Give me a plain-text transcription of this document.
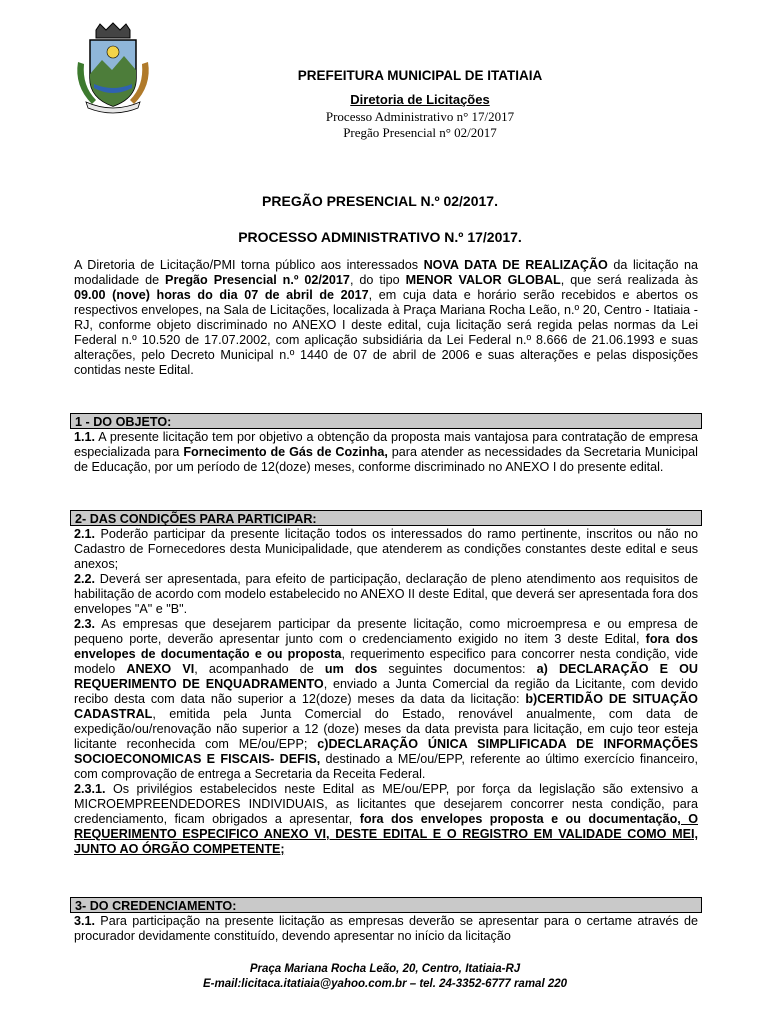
PREFEITURA MUNICIPAL DE ITATIAIA
Diretoria de Licitações
Processo Administrativo n° 17/2017
Pregão Presencial n° 02/2017
PREGÃO PRESENCIAL N.º 02/2017.
PROCESSO ADMINISTRATIVO N.º 17/2017.
A Diretoria de Licitação/PMI torna público aos interessados NOVA DATA DE REALIZAÇÃO da licitação na modalidade de Pregão Presencial n.º 02/2017, do tipo MENOR VALOR GLOBAL, que será realizada às 09.00 (nove) horas do dia 07 de abril de 2017, em cuja data e horário serão recebidos e abertos os respectivos envelopes, na Sala de Licitações, localizada à Praça Mariana Rocha Leão, n.º 20, Centro - Itatiaia - RJ, conforme objeto discriminado no ANEXO I deste edital, cuja licitação será regida pelas normas da Lei Federal n.º 10.520 de 17.07.2002, com aplicação subsidiária da Lei Federal n.º 8.666 de 21.06.1993 e suas alterações, pelo Decreto Municipal n.º 1440 de 07 de abril de 2006 e suas alterações e pelas disposições contidas neste Edital.
1 - DO OBJETO:
1.1. A presente licitação tem por objetivo a obtenção da proposta mais vantajosa para contratação de empresa especializada para Fornecimento de Gás de Cozinha, para atender as necessidades da Secretaria Municipal de Educação, por um período de 12(doze) meses, conforme discriminado no ANEXO I do presente edital.
2- DAS CONDIÇÕES PARA PARTICIPAR:

2.1. Poderão participar da presente licitação todos os interessados do ramo pertinente, inscritos ou não no Cadastro de Fornecedores desta Municipalidade, que atenderem as condições constantes deste edital e seus anexos;

2.2. Deverá ser apresentada, para efeito de participação, declaração de pleno atendimento aos requisitos de habilitação de acordo com modelo estabelecido no ANEXO II deste Edital, que deverá ser apresentada fora dos envelopes "A" e "B".

2.3. As empresas que desejarem participar da presente licitação, como microempresa e ou empresa de pequeno porte, deverão apresentar junto com o credenciamento exigido no item 3 deste Edital, fora dos envelopes de documentação e ou proposta, requerimento especifico para concorrer nesta condição, vide modelo ANEXO VI, acompanhado de um dos seguintes documentos: a) DECLARAÇÃO E OU REQUERIMENTO DE ENQUADRAMENTO, enviado a Junta Comercial da região da Licitante, com devido recibo desta com data não superior a 12(doze) meses da data da licitação: b)CERTIDÃO DE SITUAÇÃO CADASTRAL, emitida pela Junta Comercial do Estado, renovável anualmente, com data de expedição/ou/renovação não superior a 12 (doze) meses da data prevista para licitação, em cujo teor esteja licitante reconhecida com ME/ou/EPP; c)DECLARAÇÃO ÚNICA SIMPLIFICADA DE INFORMAÇÕES SOCIOECONOMICAS E FISCAIS- DEFIS, destinado a ME/ou/EPP, referente ao último exercício financeiro, com comprovação de entrega a Secretaria da Receita Federal.

2.3.1. Os privilégios estabelecidos neste Edital as ME/ou/EPP, por força da legislação são extensivo a MICROEMPREENDEDORES INDIVIDUAIS, as licitantes que desejarem concorrer nesta condição, para credenciamento, ficam obrigados a apresentar, fora dos envelopes proposta e ou documentação, O REQUERIMENTO ESPECIFICO ANEXO VI, DESTE EDITAL E O REGISTRO EM VALIDADE COMO MEI, JUNTO AO ÓRGÃO COMPETENTE;

3- DO CREDENCIAMENTO:
3.1. Para participação na presente licitação as empresas deverão se apresentar para o certame através de procurador devidamente constituído, devendo apresentar no início da licitação
Praça Mariana Rocha Leão, 20, Centro, Itatiaia-RJ
E-mail:licitaca.itatiaia@yahoo.com.br – tel. 24-3352-6777 ramal 220
